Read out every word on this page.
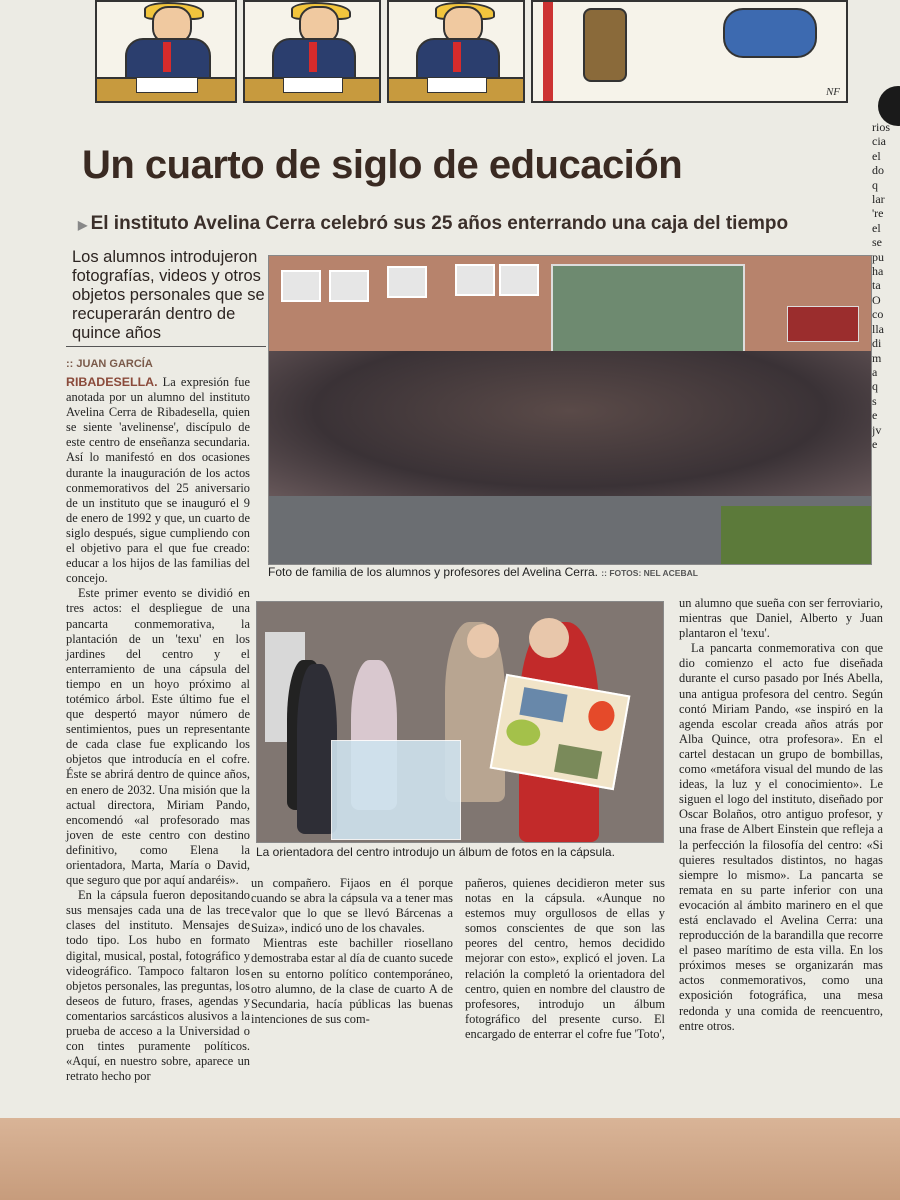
NF
rios
cia
el
do
q
lar
're
el
se
pu
ha
ta
O
co
lla
di
m
a
q
s
e
jv
e
Un cuarto de siglo de educación
▶ El instituto Avelina Cerra celebró sus 25 años enterrando una caja del tiempo
Los alumnos introdujeron fotografías, videos y otros objetos personales que se recuperarán dentro de quince años
:: JUAN GARCÍA

RIBADESELLA. La expresión fue anotada por un alumno del instituto Avelina Cerra de Ribadesella, quien se siente 'avelinense', discípulo de este centro de enseñanza secundaria. Así lo manifestó en dos ocasiones durante la inauguración de los actos conmemorativos del 25 aniversario de un instituto que se inauguró el 9 de enero de 1992 y que, un cuarto de siglo después, sigue cumpliendo con el objetivo para el que fue creado: educar a los hijos de las familias del concejo.

Este primer evento se dividió en tres actos: el despliegue de una pancarta conmemorativa, la plantación de un 'texu' en los jardines del centro y el enterramiento de una cápsula del tiempo en un hoyo próximo al totémico árbol. Este último fue el que despertó mayor número de sentimientos, pues un representante de cada clase fue explicando los objetos que introducía en el cofre. Éste se abrirá dentro de quince años, en enero de 2032. Una misión que la actual directora, Miriam Pando, encomendó «al profesorado mas joven de este centro con destino definitivo, como Elena la orientadora, Marta, María o David, que seguro que por aquí andaréis».

En la cápsula fueron depositando sus mensajes cada una de las trece clases del instituto. Mensajes de todo tipo. Los hubo en formato digital, musical, postal, fotográfico y videográfico. Tampoco faltaron los objetos personales, las preguntas, los deseos de futuro, frases, agendas y comentarios sarcásticos alusivos a la prueba de acceso a la Universidad o con tintes puramente políticos. «Aquí, en nuestro sobre, aparece un retrato hecho por

Foto de familia de los alumnos y profesores del Avelina Cerra. :: FOTOS: NEL ACEBAL
La orientadora del centro introdujo un álbum de fotos en la cápsula.

un compañero. Fijaos en él porque cuando se abra la cápsula va a tener mas valor que lo que se llevó Bárcenas a Suiza», indicó uno de los chavales.

Mientras este bachiller riosellano demostraba estar al día de cuanto sucede en su entorno político contemporáneo, otro alumno, de la clase de cuarto A de Secundaria, hacía públicas las buenas intenciones de sus com-

pañeros, quienes decidieron meter sus notas en la cápsula. «Aunque no estemos muy orgullosos de ellas y somos conscientes de que son las peores del centro, hemos decidido mejorar con esto», explicó el joven. La relación la completó la orientadora del centro, quien en nombre del claustro de profesores, introdujo un álbum fotográfico del presente curso. El encargado de enterrar el cofre fue 'Toto',

un alumno que sueña con ser ferroviario, mientras que Daniel, Alberto y Juan plantaron el 'texu'.

La pancarta conmemorativa con que dio comienzo el acto fue diseñada durante el curso pasado por Inés Abella, una antigua profesora del centro. Según contó Miriam Pando, «se inspiró en la agenda escolar creada años atrás por Alba Quince, otra profesora». En el cartel destacan un grupo de bombillas, como «metáfora visual del mundo de las ideas, la luz y el conocimiento». Le siguen el logo del instituto, diseñado por Oscar Bolaños, otro antiguo profesor, y una frase de Albert Einstein que refleja a la perfección la filosofía del centro: «Si quieres resultados distintos, no hagas siempre lo mismo». La pancarta se remata en su parte inferior con una evocación al ámbito marinero en el que está enclavado el Avelina Cerra: una reproducción de la barandilla que recorre el paseo marítimo de esta villa. En los próximos meses se organizarán mas actos conmemorativos, como una exposición fotográfica, una mesa redonda y una comida de reencuentro, entre otros.
